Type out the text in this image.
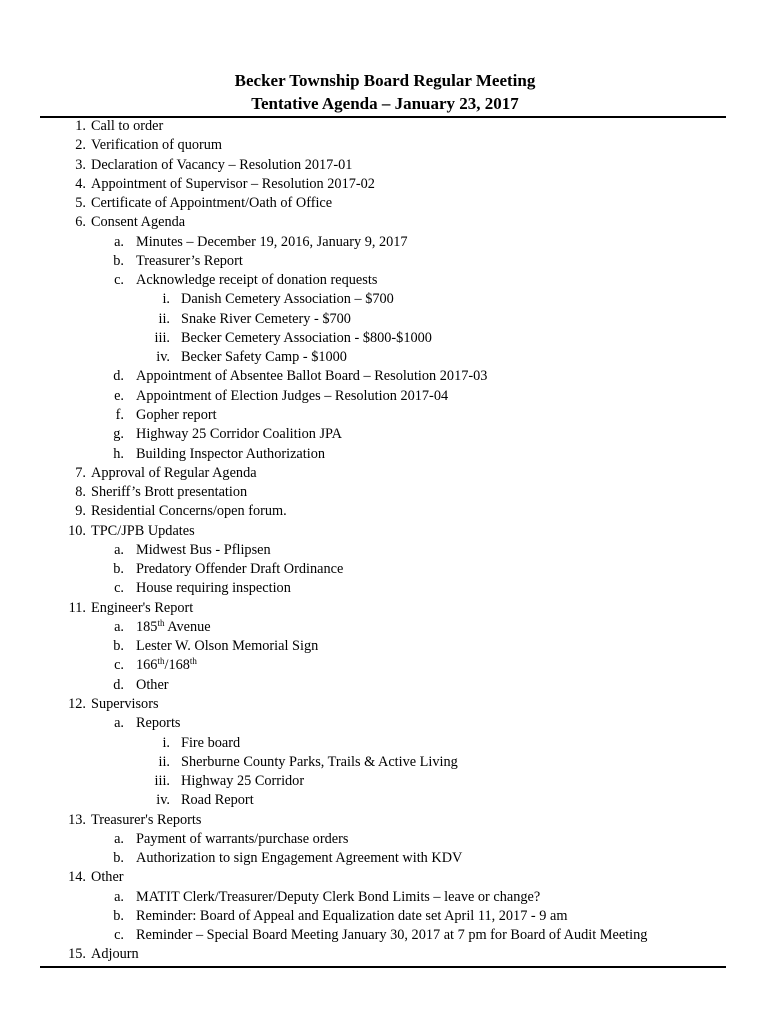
Becker Township Board Regular Meeting
Tentative Agenda – January 23, 2017
1. Call to order
2. Verification of quorum
3. Declaration of Vacancy – Resolution 2017-01
4. Appointment of Supervisor – Resolution 2017-02
5. Certificate of Appointment/Oath of Office
6. Consent Agenda
a. Minutes – December 19, 2016, January 9, 2017
b. Treasurer’s Report
c. Acknowledge receipt of donation requests
i. Danish Cemetery Association – $700
ii. Snake River Cemetery - $700
iii. Becker Cemetery Association - $800-$1000
iv. Becker Safety Camp - $1000
d. Appointment of Absentee Ballot Board – Resolution 2017-03
e. Appointment of Election Judges – Resolution 2017-04
f. Gopher report
g. Highway 25 Corridor Coalition JPA
h. Building Inspector Authorization
7. Approval of Regular Agenda
8. Sheriff’s Brott presentation
9. Residential Concerns/open forum.
10. TPC/JPB Updates
a. Midwest Bus - Pflipsen
b. Predatory Offender Draft Ordinance
c. House requiring inspection
11. Engineer's Report
a. 185th Avenue
b. Lester W. Olson Memorial Sign
c. 166th/168th
d. Other
12. Supervisors
a. Reports
i. Fire board
ii. Sherburne County Parks, Trails & Active Living
iii. Highway 25 Corridor
iv. Road Report
13. Treasurer's Reports
a. Payment of warrants/purchase orders
b. Authorization to sign Engagement Agreement with KDV
14. Other
a. MATIT Clerk/Treasurer/Deputy Clerk Bond Limits – leave or change?
b. Reminder: Board of Appeal and Equalization date set April 11, 2017 - 9 am
c. Reminder – Special Board Meeting January 30, 2017 at 7 pm for Board of Audit Meeting
15. Adjourn
